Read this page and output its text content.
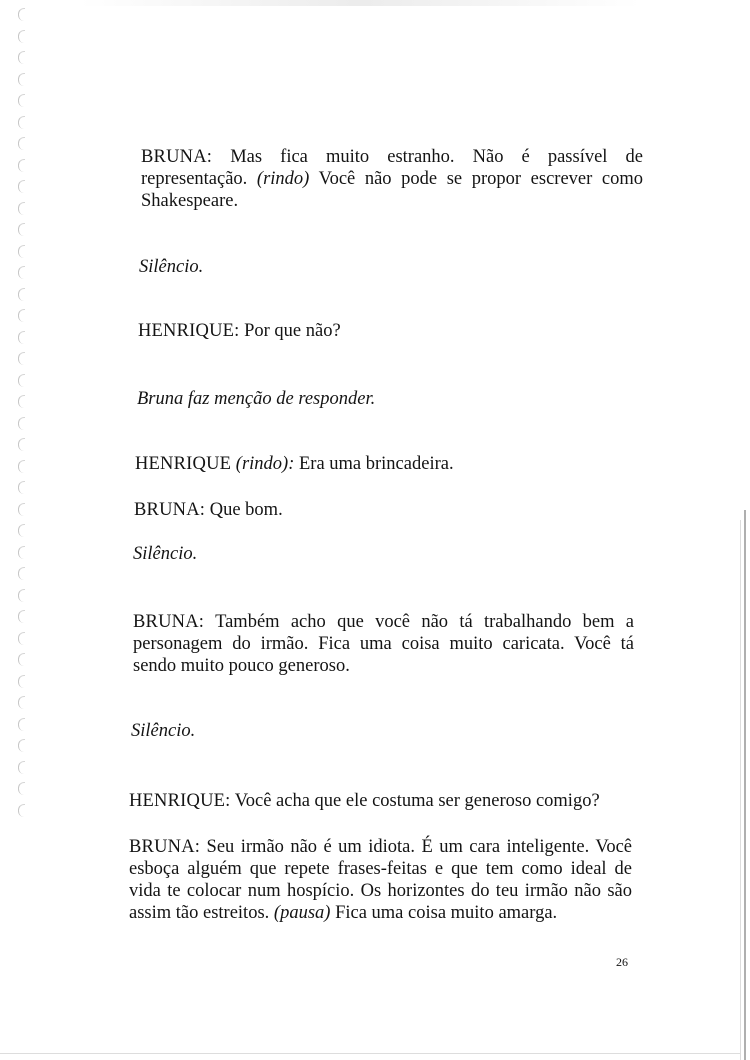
BRUNA: Mas fica muito estranho. Não é passível de representação. (rindo) Você não pode se propor escrever como Shakespeare.

Silêncio.

HENRIQUE: Por que não?

Bruna faz menção de responder.

HENRIQUE (rindo): Era uma brincadeira.

BRUNA: Que bom.

Silêncio.

BRUNA: Também acho que você não tá trabalhando bem a personagem do irmão. Fica uma coisa muito caricata. Você tá sendo muito pouco generoso.

Silêncio.

HENRIQUE: Você acha que ele costuma ser generoso comigo?

BRUNA: Seu irmão não é um idiota. É um cara inteligente. Você esboça alguém que repete frases-feitas e que tem como ideal de vida te colocar num hospício. Os horizontes do teu irmão não são assim tão estreitos. (pausa) Fica uma coisa muito amarga.

26
